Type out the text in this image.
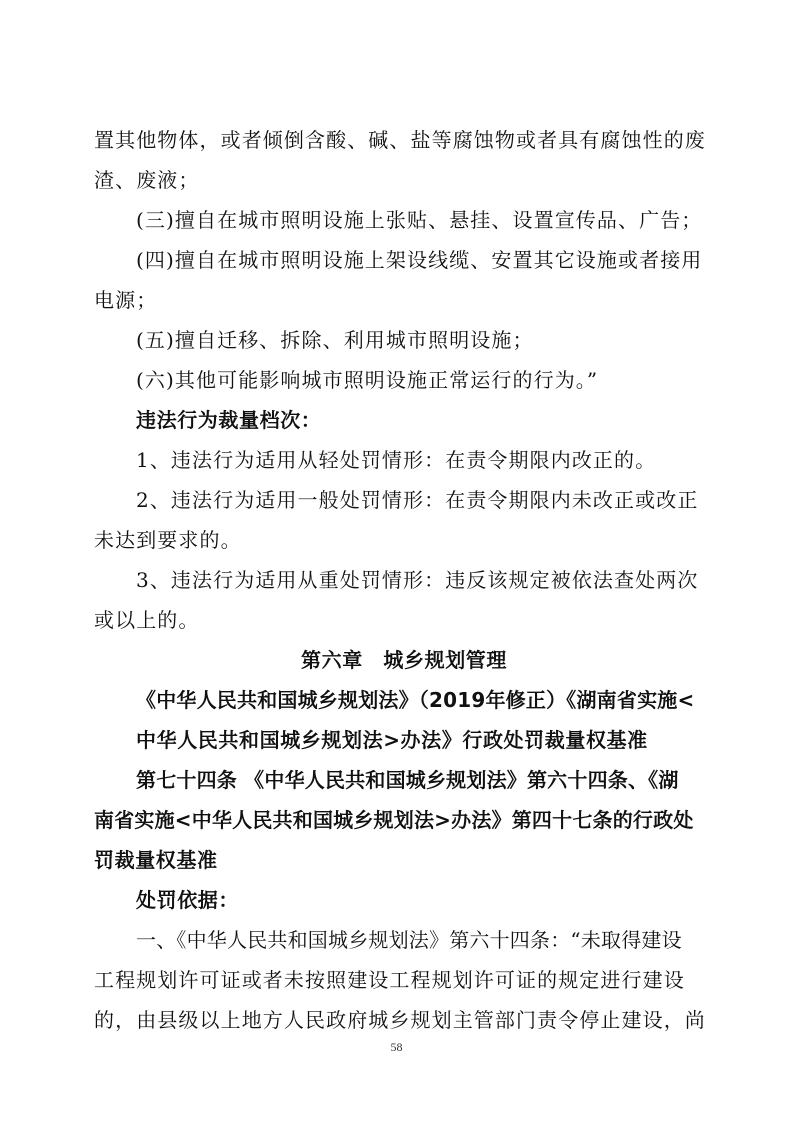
置其他物体，或者倾倒含酸、碱、盐等腐蚀物或者具有腐蚀性的废
渣、废液；
(三)擅自在城市照明设施上张贴、悬挂、设置宣传品、广告；
(四)擅自在城市照明设施上架设线缆、安置其它设施或者接用
电源；
(五)擅自迁移、拆除、利用城市照明设施；
(六)其他可能影响城市照明设施正常运行的行为。”
违法行为裁量档次：
1、违法行为适用从轻处罚情形：在责令期限内改正的。
2、违法行为适用一般处罚情形：在责令期限内未改正或改正
未达到要求的。
3、违法行为适用从重处罚情形：违反该规定被依法查处两次
或以上的。
第六章　城乡规划管理
《中华人民共和国城乡规划法》（2019年修正）《湖南省实施<
中华人民共和国城乡规划法>办法》行政处罚裁量权基准
第七十四条 《中华人民共和国城乡规划法》第六十四条、《湖
南省实施<中华人民共和国城乡规划法>办法》第四十七条的行政处
罚裁量权基准
处罚依据：
一、《中华人民共和国城乡规划法》第六十四条：“未取得建设
工程规划许可证或者未按照建设工程规划许可证的规定进行建设
的，由县级以上地方人民政府城乡规划主管部门责令停止建设，尚
58
